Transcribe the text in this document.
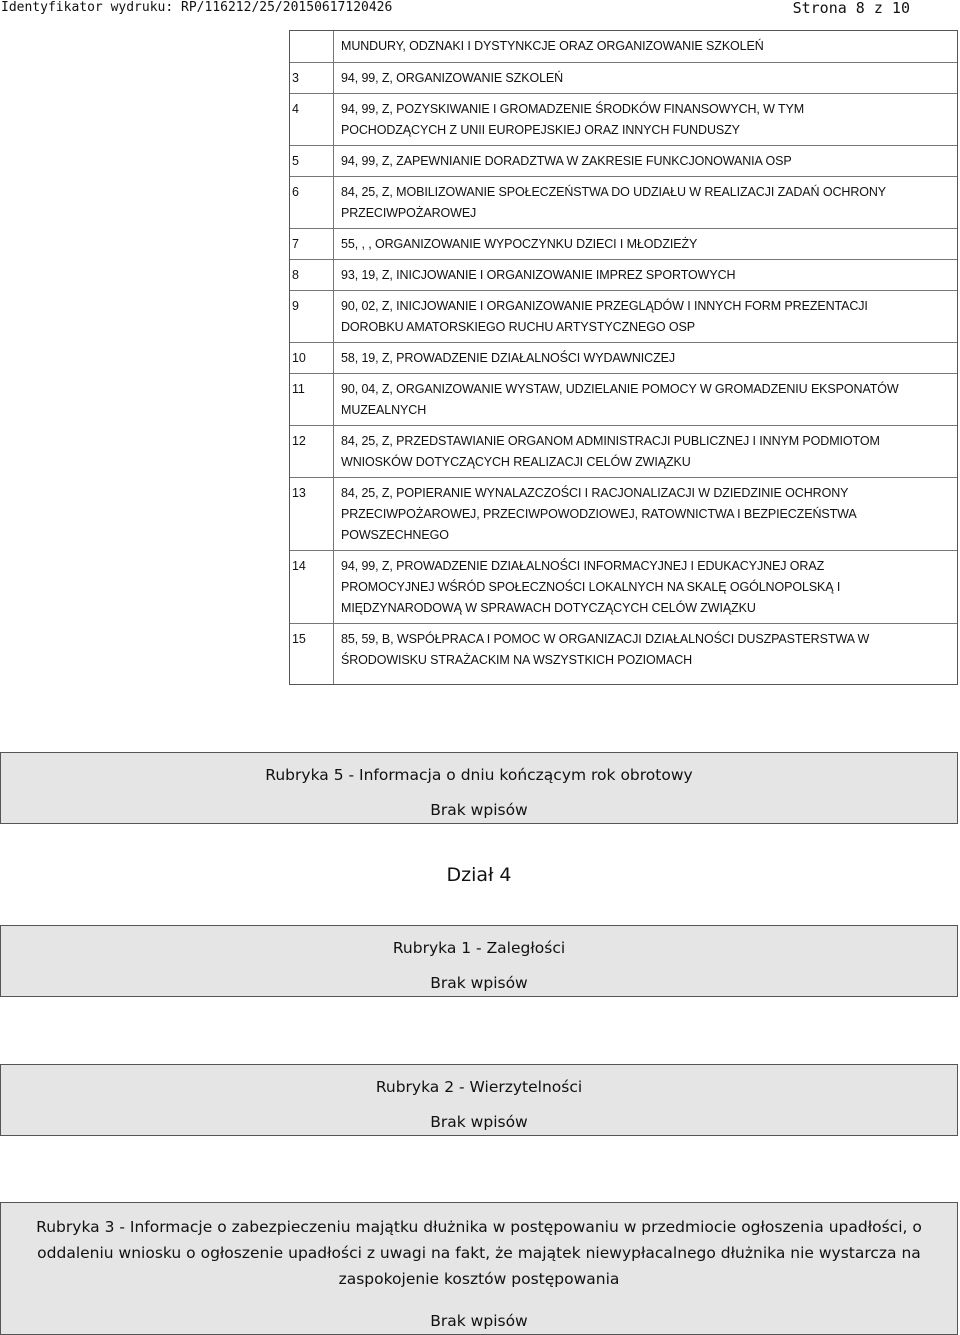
Identyfikator wydruku: RP/116212/25/20150617120426	Strona 8 z 10
MUNDURY, ODZNAKI I DYSTYNKCJE ORAZ ORGANIZOWANIE SZKOLEŃ
3	94, 99, Z, ORGANIZOWANIE SZKOLEŃ
4	94, 99, Z, POZYSKIWANIE I GROMADZENIE ŚRODKÓW FINANSOWYCH, W TYM
POCHODZĄCYCH Z UNII EUROPEJSKIEJ ORAZ INNYCH FUNDUSZY
5	94, 99, Z, ZAPEWNIANIE DORADZTWA W ZAKRESIE FUNKCJONOWANIA OSP
6	84, 25, Z, MOBILIZOWANIE SPOŁECZEŃSTWA DO UDZIAŁU W REALIZACJI ZADAŃ OCHRONY
PRZECIWPOŻAROWEJ
7	55, , , ORGANIZOWANIE WYPOCZYNKU DZIECI I MŁODZIEŻY
8	93, 19, Z, INICJOWANIE I ORGANIZOWANIE IMPREZ SPORTOWYCH
9	90, 02, Z, INICJOWANIE I ORGANIZOWANIE PRZEGLĄDÓW I INNYCH FORM PREZENTACJI
DOROBKU AMATORSKIEGO RUCHU ARTYSTYCZNEGO OSP
10	58, 19, Z, PROWADZENIE DZIAŁALNOŚCI WYDAWNICZEJ
11	90, 04, Z, ORGANIZOWANIE WYSTAW, UDZIELANIE POMOCY W GROMADZENIU EKSPONATÓW
MUZEALNYCH
12	84, 25, Z, PRZEDSTAWIANIE ORGANOM ADMINISTRACJI PUBLICZNEJ I INNYM PODMIOTOM
WNIOSKÓW DOTYCZĄCYCH REALIZACJI CELÓW ZWIĄZKU
13	84, 25, Z, POPIERANIE WYNALAZCZOŚCI I RACJONALIZACJI W DZIEDZINIE OCHRONY
PRZECIWPOŻAROWEJ, PRZECIWPOWODZIOWEJ, RATOWNICTWA I BEZPIECZEŃSTWA
POWSZECHNEGO
14	94, 99, Z, PROWADZENIE DZIAŁALNOŚCI INFORMACYJNEJ I EDUKACYJNEJ ORAZ
PROMOCYJNEJ WŚRÓD SPOŁECZNOŚCI LOKALNYCH NA SKALĘ OGÓLNOPOLSKĄ I
MIĘDZYNARODOWĄ W SPRAWACH DOTYCZĄCYCH CELÓW ZWIĄZKU
15	85, 59, B, WSPÓŁPRACA I POMOC W ORGANIZACJI DZIAŁALNOŚCI DUSZPASTERSTWA W
ŚRODOWISKU STRAŻACKIM NA WSZYSTKICH POZIOMACH
Rubryka 5 - Informacja o dniu kończącym rok obrotowy
Brak wpisów
Dział 4
Rubryka 1 - Zaległości
Brak wpisów
Rubryka 2 - Wierzytelności
Brak wpisów
Rubryka 3 - Informacje o zabezpieczeniu majątku dłużnika w postępowaniu w przedmiocie ogłoszenia upadłości, o
oddaleniu wniosku o ogłoszenie upadłości z uwagi na fakt, że majątek niewypłacalnego dłużnika nie wystarcza na
zaspokojenie kosztów postępowania
Brak wpisów
